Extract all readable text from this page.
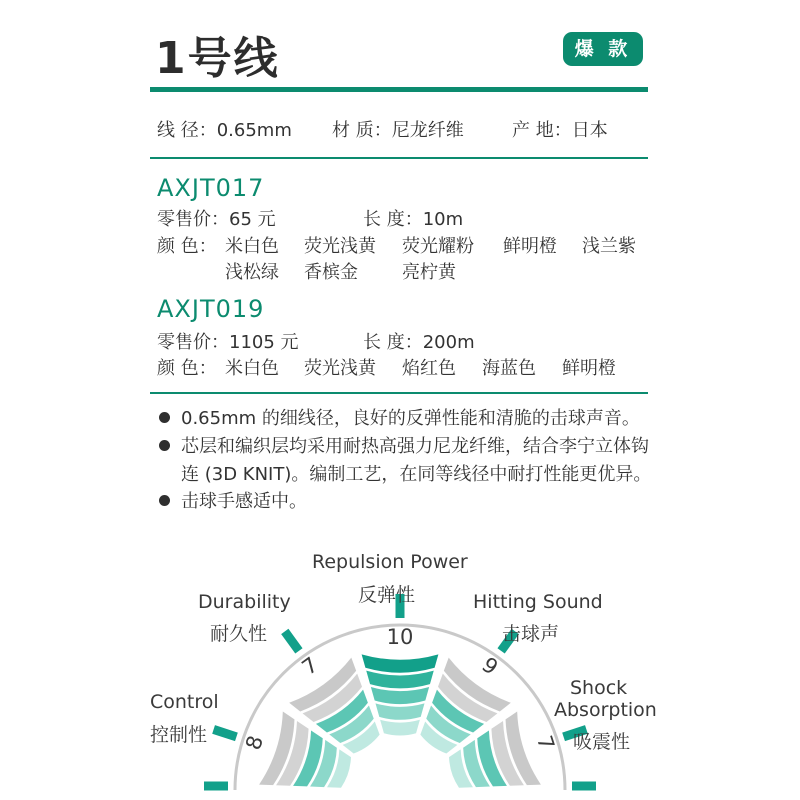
1号线	爆 款
线 径：0.65mm 材 质：尼龙纤维	产 地：日本
AXJT017
零售价：65 元	长 度：10m
颜 色： 米白色 荧光浅黄 荧光耀粉 鲜明橙 浅兰紫
浅松绿 香槟金 亮柠黄
AXJT019
零售价：1105 元	长 度：200m
颜 色： 米白色 荧光浅黄 焰红色 海蓝色 鲜明橙
0.65mm 的细线径，良好的反弹性能和清脆的击球声音。
芯层和编织层均采用耐热高强力尼龙纤维，结合李宁立体钩
连 (3D KNIT)。编制工艺，在同等线径中耐打性能更优异。
击球手感适中。
8
7
10
9
7
Repulsion Power
反弹性
Durability
耐久性
Hitting Sound
击球声
Control
控制性
Shock
Absorption
吸震性
